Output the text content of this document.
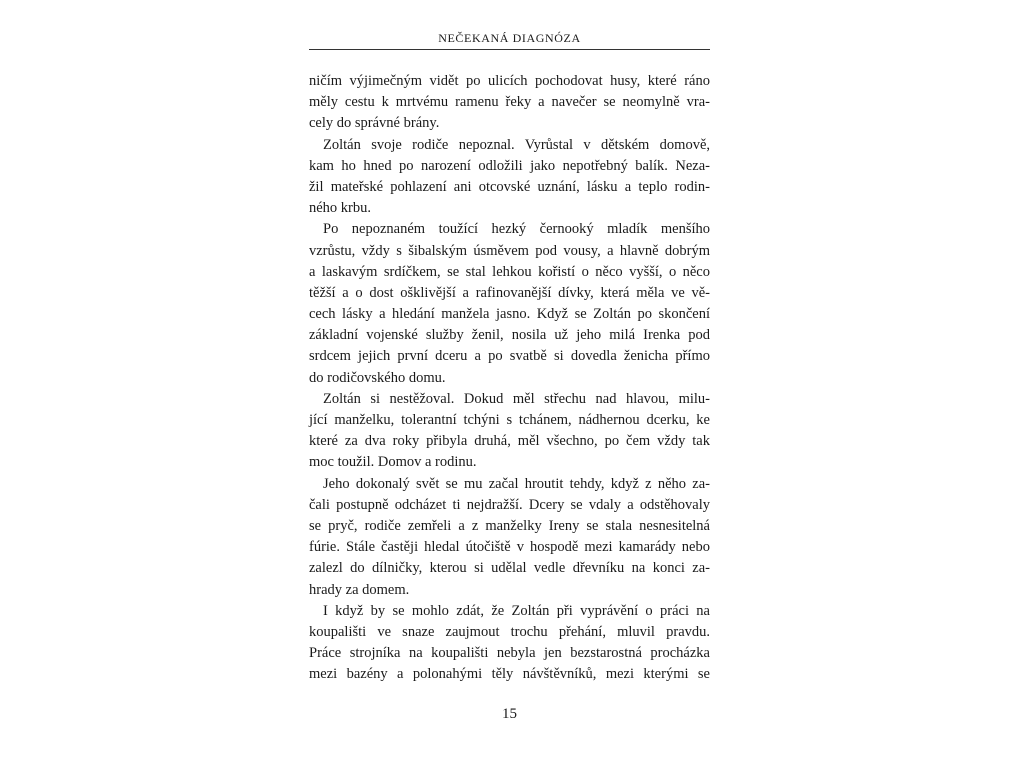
NEČEKANÁ DIAGNÓZA
ničím výjimečným vidět po ulicích pochodovat husy, které ráno
měly cestu k mrtvému ramenu řeky a navečer se neomylně vra-
cely do správné brány.
Zoltán svoje rodiče nepoznal. Vyrůstal v dětském domově,
kam ho hned po narození odložili jako nepotřebný balík. Neza-
žil mateřské pohlazení ani otcovské uznání, lásku a teplo rodin-
ného krbu.
Po nepoznaném toužící hezký černooký mladík menšího
vzrůstu, vždy s šibalským úsměvem pod vousy, a hlavně dobrým
a laskavým srdíčkem, se stal lehkou kořistí o něco vyšší, o něco
těžší a o dost ošklivější a rafinovanější dívky, která měla ve vě-
cech lásky a hledání manžela jasno. Když se Zoltán po skončení
základní vojenské služby ženil, nosila už jeho milá Irenka pod
srdcem jejich první dceru a po svatbě si dovedla ženicha přímo
do rodičovského domu.
Zoltán si nestěžoval. Dokud měl střechu nad hlavou, milu-
jící manželku, tolerantní tchýni s tchánem, nádhernou dcerku, ke
které za dva roky přibyla druhá, měl všechno, po čem vždy tak
moc toužil. Domov a rodinu.
Jeho dokonalý svět se mu začal hroutit tehdy, když z něho za-
čali postupně odcházet ti nejdražší. Dcery se vdaly a odstěhovaly
se pryč, rodiče zemřeli a z manželky Ireny se stala nesnesitelná
fúrie. Stále častěji hledal útočiště v hospodě mezi kamarády nebo
zalezl do dílničky, kterou si udělal vedle dřevníku na konci za-
hrady za domem.
I když by se mohlo zdát, že Zoltán při vyprávění o práci na
koupališti ve snaze zaujmout trochu přehání, mluvil pravdu.
Práce strojníka na koupališti nebyla jen bezstarostná procházka
mezi bazény a polonahými těly návštěvníků, mezi kterými se
15
